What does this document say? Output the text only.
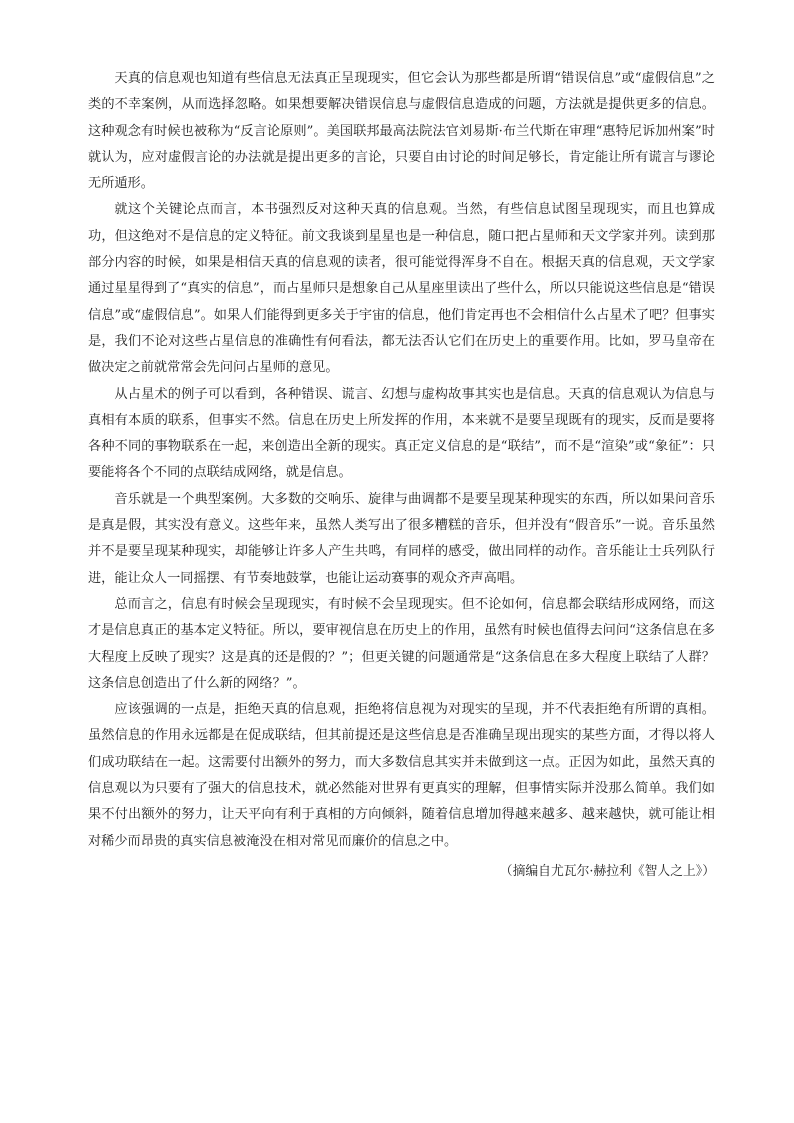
天真的信息观也知道有些信息无法真正呈现现实，但它会认为那些都是所谓“错误信息”或“虚假信息”之类的不幸案例，从而选择忽略。如果想要解决错误信息与虚假信息造成的问题，方法就是提供更多的信息。这种观念有时候也被称为“反言论原则”。美国联邦最高法院法官刘易斯·布兰代斯在审理“惠特尼诉加州案”时就认为，应对虚假言论的办法就是提出更多的言论，只要自由讨论的时间足够长，肯定能让所有谎言与谬论无所遁形。

就这个关键论点而言，本书强烈反对这种天真的信息观。当然，有些信息试图呈现现实，而且也算成功，但这绝对不是信息的定义特征。前文我谈到星星也是一种信息，随口把占星师和天文学家并列。读到那部分内容的时候，如果是相信天真的信息观的读者，很可能觉得浑身不自在。根据天真的信息观，天文学家通过星星得到了“真实的信息”，而占星师只是想象自己从星座里读出了些什么，所以只能说这些信息是“错误信息”或“虚假信息”。如果人们能得到更多关于宇宙的信息，他们肯定再也不会相信什么占星术了吧？但事实是，我们不论对这些占星信息的准确性有何看法，都无法否认它们在历史上的重要作用。比如，罗马皇帝在做决定之前就常常会先问问占星师的意见。

从占星术的例子可以看到，各种错误、谎言、幻想与虚构故事其实也是信息。天真的信息观认为信息与真相有本质的联系，但事实不然。信息在历史上所发挥的作用，本来就不是要呈现既有的现实，反而是要将各种不同的事物联系在一起，来创造出全新的现实。真正定义信息的是“联结”，而不是“渲染”或“象征”：只要能将各个不同的点联结成网络，就是信息。

音乐就是一个典型案例。大多数的交响乐、旋律与曲调都不是要呈现某种现实的东西，所以如果问音乐是真是假，其实没有意义。这些年来，虽然人类写出了很多糟糕的音乐，但并没有“假音乐”一说。音乐虽然并不是要呈现某种现实，却能够让许多人产生共鸣，有同样的感受，做出同样的动作。音乐能让士兵列队行进，能让众人一同摇摆、有节奏地鼓掌，也能让运动赛事的观众齐声高唱。

总而言之，信息有时候会呈现现实，有时候不会呈现现实。但不论如何，信息都会联结形成网络，而这才是信息真正的基本定义特征。所以，要审视信息在历史上的作用，虽然有时候也值得去问问“这条信息在多大程度上反映了现实？这是真的还是假的？”；但更关键的问题通常是“这条信息在多大程度上联结了人群？这条信息创造出了什么新的网络？”。

应该强调的一点是，拒绝天真的信息观，拒绝将信息视为对现实的呈现，并不代表拒绝有所谓的真相。虽然信息的作用永远都是在促成联结，但其前提还是这些信息是否准确呈现出现实的某些方面，才得以将人们成功联结在一起。这需要付出额外的努力，而大多数信息其实并未做到这一点。正因为如此，虽然天真的信息观以为只要有了强大的信息技术，就必然能对世界有更真实的理解，但事情实际并没那么简单。我们如果不付出额外的努力，让天平向有利于真相的方向倾斜，随着信息增加得越来越多、越来越快，就可能让相对稀少而昂贵的真实信息被淹没在相对常见而廉价的信息之中。

（摘编自尤瓦尔·赫拉利《智人之上》）
